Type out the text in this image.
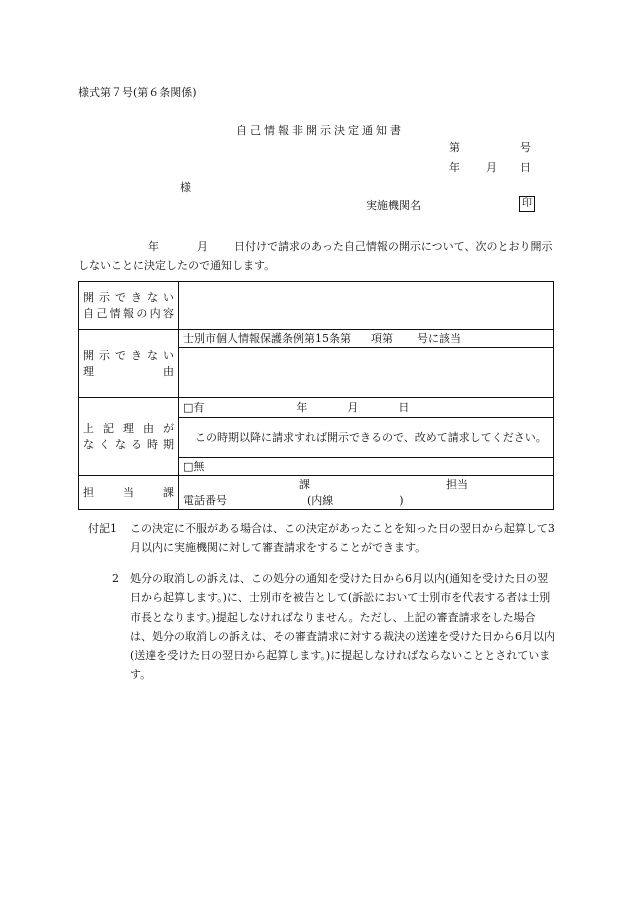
様式第７号(第６条関係)
自己情報非開示決定通知書
第	号
年 月 日
様
実施機関名	印
年	月 日付けで請求のあった自己情報の開示について、次のとおり開示しないことに決定したので通知します。
開示できない
自己情報の内容	

開示できない
理由	士別市個人情報保護条例第15条第 項第 号に該当

上記理由が
なくなる時期	□有 年 月 日
	この時期以降に請求すれば開示できるので、改めて請求してください。
	□無
担当課	課 担当
電話番号 (内線 )
付記1 この決定に不服がある場合は、この決定があったことを知った日の翌日から起算して3月以内に実施機関に対して審査請求をすることができます。
2 処分の取消しの訴えは、この処分の通知を受けた日から6月以内(通知を受けた日の翌日から起算します。)に、士別市を被告として(訴訟において士別市を代表する者は士別市長となります。)提起しなければなりません。ただし、上記の審査請求をした場合は、処分の取消しの訴えは、その審査請求に対する裁決の送達を受けた日から6月以内(送達を受けた日の翌日から起算します。)に提起しなければならないこととされています。
